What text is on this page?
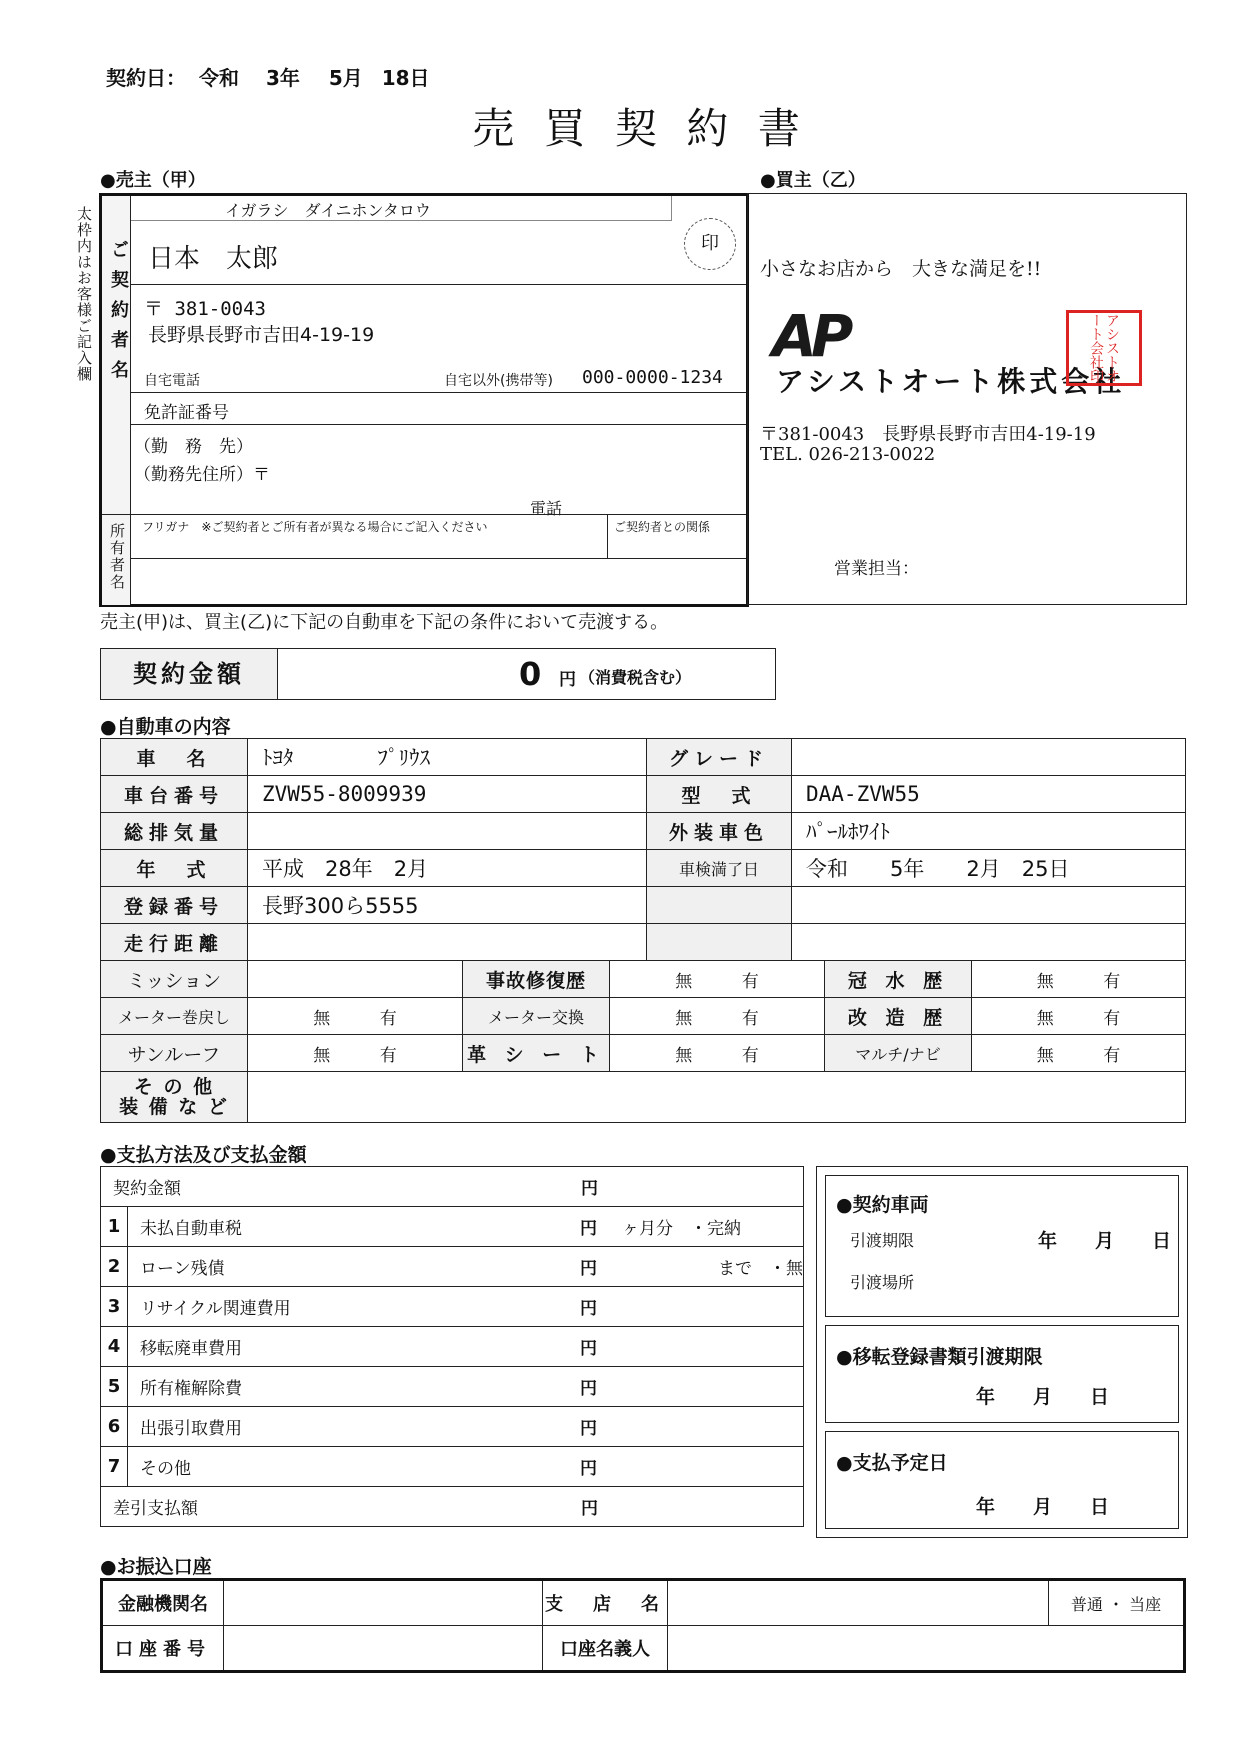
契約日： 令和 3年 5月 18日
売 買 契 約 書
●売主（甲）	●買主（乙）
太枠内はお客様ご記入欄 ご契約者名
所有者名
イガラシ　ダイニホンタロウ
日本　太郎
印
〒 381-0043
長野県長野市吉田4-19-19
自宅電話	自宅以外(携帯等) 000-0000-1234
免許証番号
（勤　務　先）
（勤務先住所）〒
電話
フリガナ　※ご契約者とご所有者が異なる場合にご記入ください	ご契約者との関係
小さなお店から　大きな満足を!!
AP
アシストオート株式会社
アシストオート会社印
〒381-0043　長野県長野市吉田4-19-19
TEL. 026-213-0022
営業担当：
売主(甲)は、買主(乙)に下記の自動車を下記の条件において売渡する。
契約金額	0 円 （消費税含む）
●自動車の内容
車　名	ﾄﾖﾀ　　　　ﾌﾟﾘｳｽ	グレード	
車台番号	ZVW55-8009939	型　式	DAA-ZVW55
総排気量		外装車色	ﾊﾟｰﾙﾎﾜｲﾄ
年　式	平成　28年　2月	車検満了日	令和　　5年　　2月　25日
登録番号	長野300ら5555		
走行距離			
ミッション		事故修復歴	無 有	冠 水 歴	無 有
メーター巻戻し	無 有	メーター交換	無 有	改 造 歴	無 有
サンルーフ	無 有	革 シ ー ト	無 有	マルチ/ナビ	無 有

そ の 他
装 備 な ど					

●支払方法及び支払金額
契約金額 円	

1	未払自動車税 円 ヶ月分　・完納

2	ローン残債 円 まで　・無

3	リサイクル関連費用 円

4	移転廃車費用 円

5	所有権解除費 円

6	出張引取費用 円

7	その他 円

差引支払額 円	
●契約車両
引渡期限	年　　月　　日
引渡場所
●移転登録書類引渡期限
年　　月　　日
●支払予定日
年　　月　　日
●お振込口座
金融機関名		支　店　名		普通 ・ 当座
口座番号		口座名義人		
